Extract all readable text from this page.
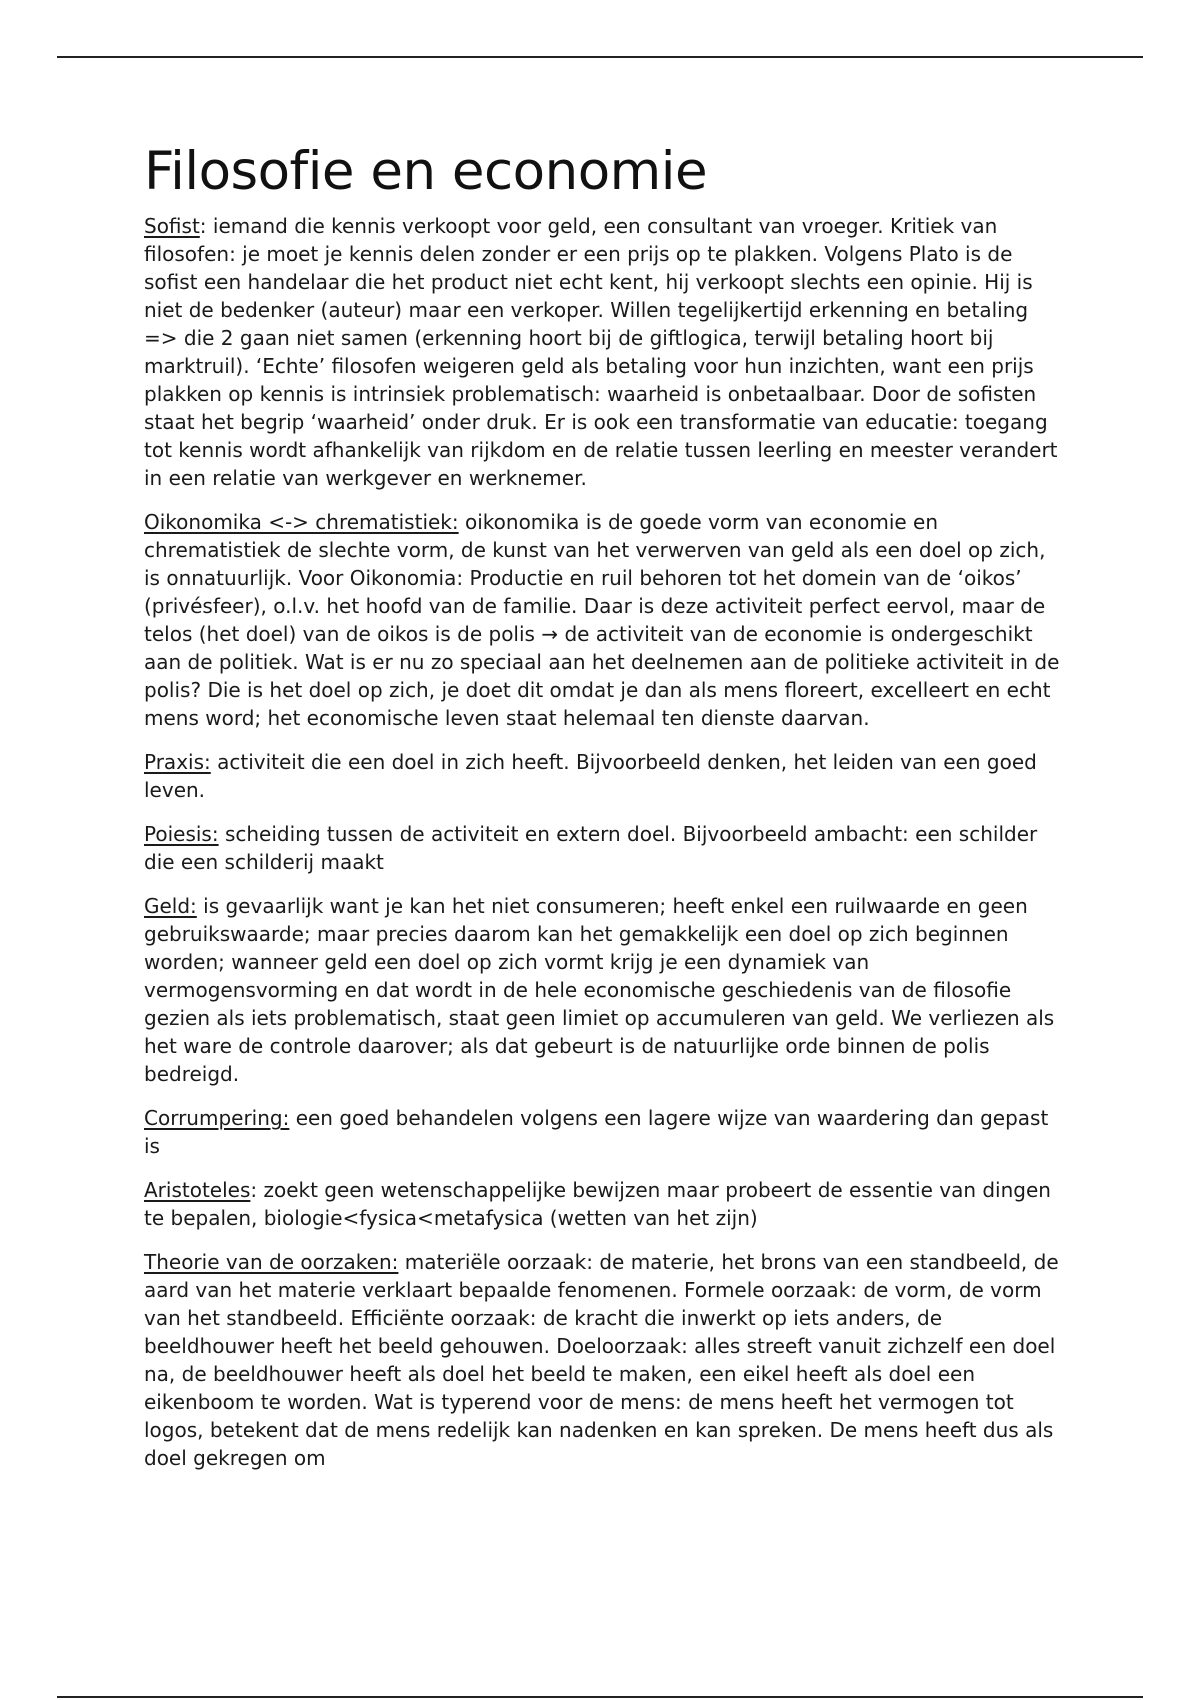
Filosofie en economie

Sofist: iemand die kennis verkoopt voor geld, een consultant van vroeger. Kritiek van filosofen: je moet je kennis delen zonder er een prijs op te plakken. Volgens Plato is de sofist een handelaar die het product niet echt kent, hij verkoopt slechts een opinie. Hij is niet de bedenker (auteur) maar een verkoper. Willen tegelijkertijd erkenning en betaling => die 2 gaan niet samen (erkenning hoort bij de giftlogica, terwijl betaling hoort bij marktruil). ‘Echte’ filosofen weigeren geld als betaling voor hun inzichten, want een prijs plakken op kennis is intrinsiek problematisch: waarheid is onbetaalbaar. Door de sofisten staat het begrip ‘waarheid’ onder druk. Er is ook een transformatie van educatie: toegang tot kennis wordt afhankelijk van rijkdom en de relatie tussen leerling en meester verandert in een relatie van werkgever en werknemer.

Oikonomika <-> chrematistiek: oikonomika is de goede vorm van economie en chrematistiek de slechte vorm, de kunst van het verwerven van geld als een doel op zich, is onnatuurlijk. Voor Oikonomia: Productie en ruil behoren tot het domein van de ‘oikos’ (privésfeer), o.l.v. het hoofd van de familie. Daar is deze activiteit perfect eervol, maar de telos (het doel) van de oikos is de polis → de activiteit van de economie is ondergeschikt aan de politiek. Wat is er nu zo speciaal aan het deelnemen aan de politieke activiteit in de polis? Die is het doel op zich, je doet dit omdat je dan als mens floreert, excelleert en echt mens word; het economische leven staat helemaal ten dienste daarvan.

Praxis: activiteit die een doel in zich heeft. Bijvoorbeeld denken, het leiden van een goed leven.

Poiesis: scheiding tussen de activiteit en extern doel. Bijvoorbeeld ambacht: een schilder die een schilderij maakt

Geld: is gevaarlijk want je kan het niet consumeren; heeft enkel een ruilwaarde en geen gebruikswaarde; maar precies daarom kan het gemakkelijk een doel op zich beginnen worden; wanneer geld een doel op zich vormt krijg je een dynamiek van vermogensvorming en dat wordt in de hele economische geschiedenis van de filosofie gezien als iets problematisch, staat geen limiet op accumuleren van geld. We verliezen als het ware de controle daarover; als dat gebeurt is de natuurlijke orde binnen de polis bedreigd.

Corrumpering: een goed behandelen volgens een lagere wijze van waardering dan gepast is

Aristoteles: zoekt geen wetenschappelijke bewijzen maar probeert de essentie van dingen te bepalen, biologie<fysica<metafysica (wetten van het zijn)

Theorie van de oorzaken: materiële oorzaak: de materie, het brons van een standbeeld, de aard van het materie verklaart bepaalde fenomenen. Formele oorzaak: de vorm, de vorm van het standbeeld. Efficiënte oorzaak: de kracht die inwerkt op iets anders, de beeldhouwer heeft het beeld gehouwen. Doeloorzaak: alles streeft vanuit zichzelf een doel na, de beeldhouwer heeft als doel het beeld te maken, een eikel heeft als doel een eikenboom te worden. Wat is typerend voor de mens: de mens heeft het vermogen tot logos, betekent dat de mens redelijk kan nadenken en kan spreken. De mens heeft dus als doel gekregen om
